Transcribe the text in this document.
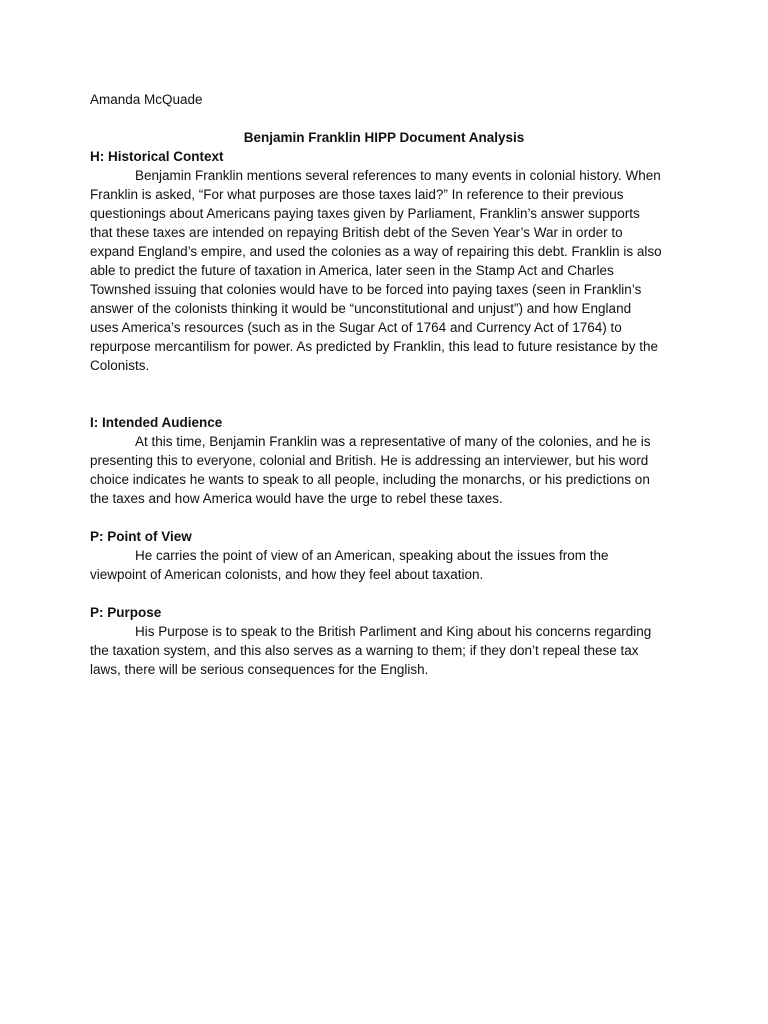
Amanda McQuade

Benjamin Franklin HIPP Document Analysis

H: Historical Context

Benjamin Franklin mentions several references to many events in colonial history. When Franklin is asked, “For what purposes are those taxes laid?” In reference to their previous questionings about Americans paying taxes given by Parliament, Franklin’s answer supports that these taxes are intended on repaying British debt of the Seven Year’s War in order to expand England’s empire, and used the colonies as a way of repairing this debt. Franklin is also able to predict the future of taxation in America, later seen in the Stamp Act and Charles Townshed issuing that colonies would have to be forced into paying taxes (seen in Franklin’s answer of the colonists thinking it would be “unconstitutional and unjust”) and how England uses America’s resources (such as in the Sugar Act of 1764 and Currency Act of 1764) to repurpose mercantilism for power. As predicted by Franklin, this lead to future resistance by the Colonists.

I: Intended Audience

At this time, Benjamin Franklin was a representative of many of the colonies, and he is presenting this to everyone, colonial and British. He is addressing an interviewer, but his word choice indicates he wants to speak to all people, including the monarchs, or his predictions on the taxes and how America would have the urge to rebel these taxes.

P: Point of View

He carries the point of view of an American, speaking about the issues from the viewpoint of American colonists, and how they feel about taxation.

P: Purpose

His Purpose is to speak to the British Parliment and King about his concerns regarding the taxation system, and this also serves as a warning to them; if they don’t repeal these tax laws, there will be serious consequences for the English.
